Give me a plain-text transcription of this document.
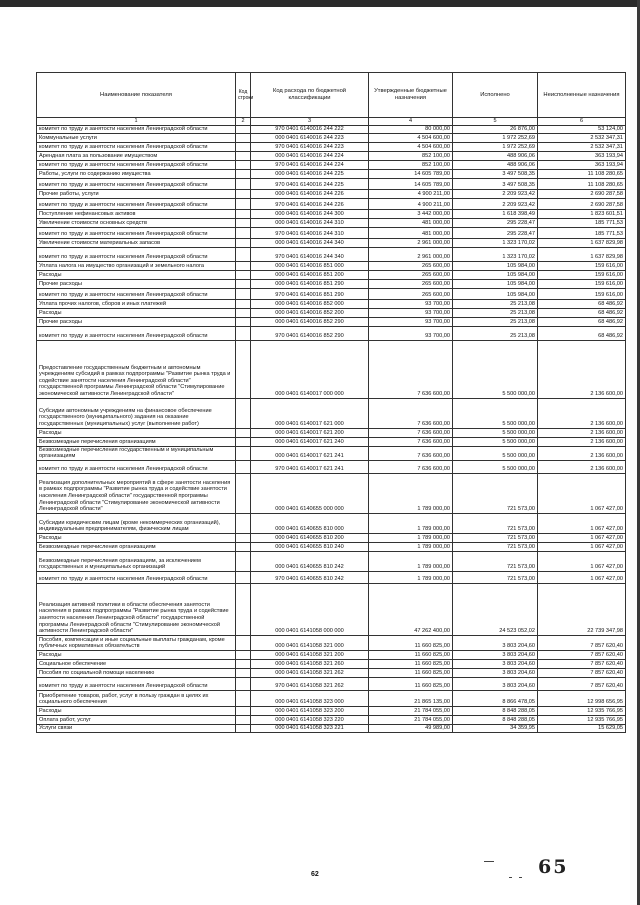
Наименование показателя	Код строки	Код расхода по бюджетной классификации	Утвержденные бюджетные назначения	Исполнено	Неисполненные назначения
1	2	3	4	5	6
комитет по труду и занятости населения Ленинградской области		970 0401 6140016 244 222	80 000,00	26 876,00	53 124,00
Коммунальные услуги		000 0401 6140016 244 223	4 504 600,00	1 972 252,69	2 532 347,31
комитет по труду и занятости населения Ленинградской области		970 0401 6140016 244 223	4 504 600,00	1 972 252,69	2 532 347,31
Арендная плата за пользование имуществом		000 0401 6140016 244 224	852 100,00	488 906,06	363 193,94
комитет по труду и занятости населения Ленинградской области		970 0401 6140016 244 224	852 100,00	488 906,06	363 193,94
Работы, услуги по содержанию имущества		000 0401 6140016 244 225	14 605 789,00	3 497 508,35	11 108 280,65
комитет по труду и занятости населения Ленинградской области		970 0401 6140016 244 225	14 605 789,00	3 497 508,35	11 108 280,65
Прочие работы, услуги		000 0401 6140016 244 226	4 900 211,00	2 209 923,42	2 690 287,58
комитет по труду и занятости населения Ленинградской области		970 0401 6140016 244 226	4 900 211,00	2 209 923,42	2 690 287,58
Поступление нефинансовых активов		000 0401 6140016 244 300	3 442 000,00	1 618 398,49	1 823 601,51
Увеличение стоимости основных средств		000 0401 6140016 244 310	481 000,00	295 228,47	185 771,53
комитет по труду и занятости населения Ленинградской области		970 0401 6140016 244 310	481 000,00	295 228,47	185 771,53
Увеличение стоимости материальных запасов		000 0401 6140016 244 340	2 961 000,00	1 323 170,02	1 637 829,98
комитет по труду и занятости населения Ленинградской области		970 0401 6140016 244 340	2 961 000,00	1 323 170,02	1 637 829,98
Уплата налога на имущество организаций и земельного налога		000 0401 6140016 851 000	265 600,00	105 984,00	159 616,00
Расходы		000 0401 6140016 851 200	265 600,00	105 984,00	159 616,00
Прочие расходы		000 0401 6140016 851 290	265 600,00	105 984,00	159 616,00
комитет по труду и занятости населения Ленинградской области		970 0401 6140016 851 290	265 600,00	105 984,00	159 616,00
Уплата прочих налогов, сборов и иных платежей		000 0401 6140016 852 000	93 700,00	25 213,08	68 486,92
Расходы		000 0401 6140016 852 200	93 700,00	25 213,08	68 486,92
Прочие расходы		000 0401 6140016 852 290	93 700,00	25 213,08	68 486,92
комитет по труду и занятости населения Ленинградской области		970 0401 6140016 852 290	93 700,00	25 213,08	68 486,92
Предоставление государственным бюджетным и автономным учреждениям субсидий в рамках подпрограммы "Развитие рынка труда и содействие занятости населения Ленинградской области" государственной программы Ленинградской области "Стимулирование экономической активности Ленинградской области"		000 0401 6140017 000 000	7 636 600,00	5 500 000,00	2 136 600,00
Субсидии автономным учреждениям на финансовое обеспечение государственного (муниципального) задания на оказание государственных (муниципальных) услуг (выполнение работ)		000 0401 6140017 621 000	7 636 600,00	5 500 000,00	2 136 600,00
Расходы		000 0401 6140017 621 200	7 636 600,00	5 500 000,00	2 136 600,00
Безвозмездные перечисления организациям		000 0401 6140017 621 240	7 636 600,00	5 500 000,00	2 136 600,00
Безвозмездные перечисления государственным и муниципальным организациям		000 0401 6140017 621 241	7 636 600,00	5 500 000,00	2 136 600,00
комитет по труду и занятости населения Ленинградской области		970 0401 6140017 621 241	7 636 600,00	5 500 000,00	2 136 600,00
Реализация дополнительных мероприятий в сфере занятости населения в рамках подпрограммы "Развитие рынка труда и содействие занятости населения Ленинградской области" государственной программы Ленинградской области "Стимулирование экономической активности Ленинградской области"		000 0401 6140655 000 000	1 789 000,00	721 573,00	1 067 427,00
Субсидии юридическим лицам (кроме некоммерческих организаций), индивидуальным предпринимателям, физическим лицам		000 0401 6140655 810 000	1 789 000,00	721 573,00	1 067 427,00
Расходы		000 0401 6140655 810 200	1 789 000,00	721 573,00	1 067 427,00
Безвозмездные перечисления организациям		000 0401 6140655 810 240	1 789 000,00	721 573,00	1 067 427,00
Безвозмездные перечисления организациям, за исключением государственных и муниципальных организаций		000 0401 6140655 810 242	1 789 000,00	721 573,00	1 067 427,00
комитет по труду и занятости населения Ленинградской области		970 0401 6140655 810 242	1 789 000,00	721 573,00	1 067 427,00
Реализация активной политики в области обеспечения занятости населения в рамках подпрограммы "Развитие рынка труда и содействие занятости населения Ленинградской области" государственной программы Ленинградской области "Стимулирование экономической активности Ленинградской области"		000 0401 6141058 000 000	47 262 400,00	24 523 052,02	22 739 347,98
Пособия, компенсации и иные социальные выплаты гражданам, кроме публичных нормативных обязательств		000 0401 6141058 321 000	11 660 825,00	3 803 204,60	7 857 620,40
Расходы		000 0401 6141058 321 200	11 660 825,00	3 803 204,60	7 857 620,40
Социальное обеспечение		000 0401 6141058 321 260	11 660 825,00	3 803 204,60	7 857 620,40
Пособия по социальной помощи населению		000 0401 6141058 321 262	11 660 825,00	3 803 204,60	7 857 620,40
комитет по труду и занятости населения Ленинградской области		970 0401 6141058 321 262	11 660 825,00	3 803 204,60	7 857 620,40
Приобретение товаров, работ, услуг в пользу граждан в целях их социального обеспечения		000 0401 6141058 323 000	21 865 135,00	8 866 478,05	12 998 656,95
Расходы		000 0401 6141058 323 200	21 784 055,00	8 848 288,05	12 935 766,95
Оплата работ, услуг		000 0401 6141058 323 220	21 784 055,00	8 848 288,05	12 935 766,95
Услуги связи		000 0401 6141058 323 221	49 989,00	34 359,95	15 629,05
62	65
